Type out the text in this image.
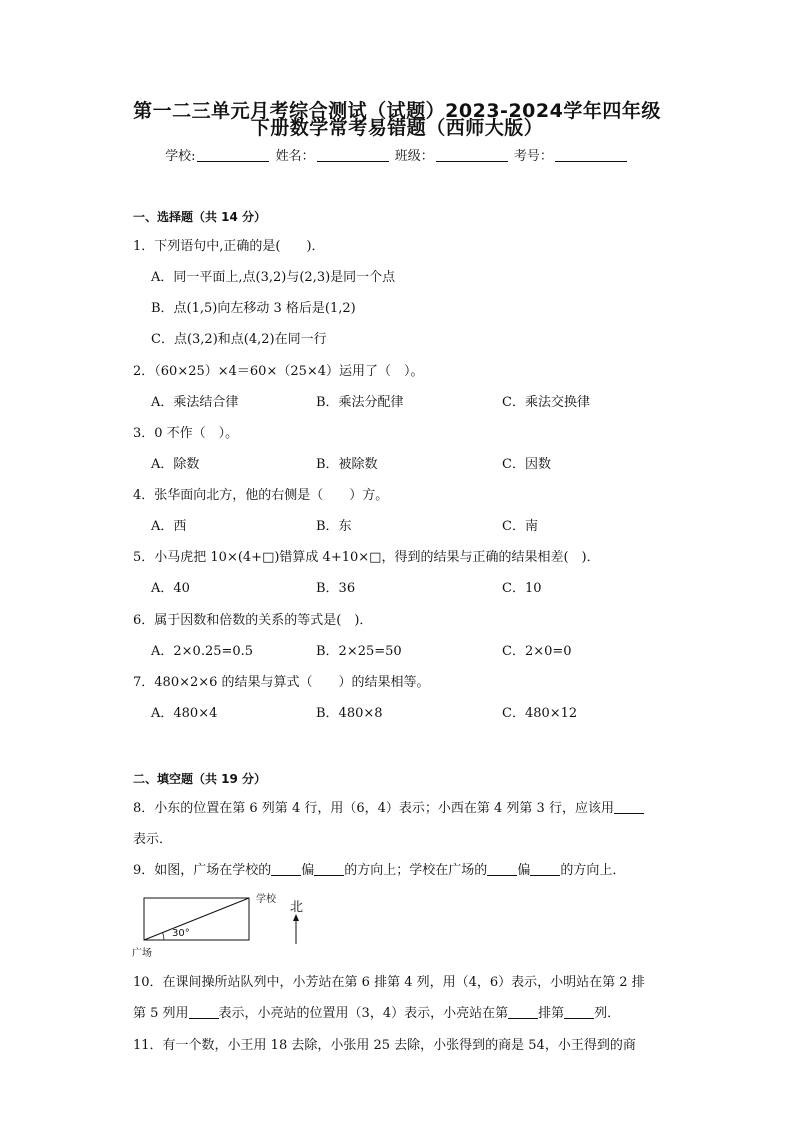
第一二三单元月考综合测试（试题）2023-2024学年四年级
下册数学常考易错题（西师大版）
学校:	姓名：	班级：	考号：
一、选择题（共 14 分）
1．下列语句中,正确的是(　　)．
A．同一平面上,点(3,2)与(2,3)是同一个点
B．点(1,5)向左移动 3 格后是(1,2)
C．点(3,2)和点(4,2)在同一行
2．（60×25）×4＝60×（25×4）运用了（　）。
A．乘法结合律	B．乘法分配律	C．乘法交换律
3．0 不作（　）。
A．除数	B．被除数	C．因数
4．张华面向北方，他的右侧是（　　）方。
A．西	B．东	C．南
5．小马虎把 10×(4+□)错算成 4+10×□，得到的结果与正确的结果相差(　)．
A．40	B．36	C．10
6．属于因数和倍数的关系的等式是(　)．
A．2×0.25=0.5	B．2×25=50	C．2×0=0
7．480×2×6 的结果与算式（　　）的结果相等。
A．480×4	B．480×8	C．480×12
二、填空题（共 19 分）
8．小东的位置在第 6 列第 4 行，用（6，4）表示；小西在第 4 列第 3 行，应该用
表示．
9．如图，广场在学校的 偏 的方向上；学校在广场的 偏 的方向上．
学校
广场
30°
北
10．在课间操所站队列中，小芳站在第 6 排第 4 列，用（4，6）表示，小明站在第 2 排
第 5 列用 表示，小亮站的位置用（3，4）表示，小亮站在第 排第 列．
11．有一个数，小王用 18 去除，小张用 25 去除，小张得到的商是 54，小王得到的商
